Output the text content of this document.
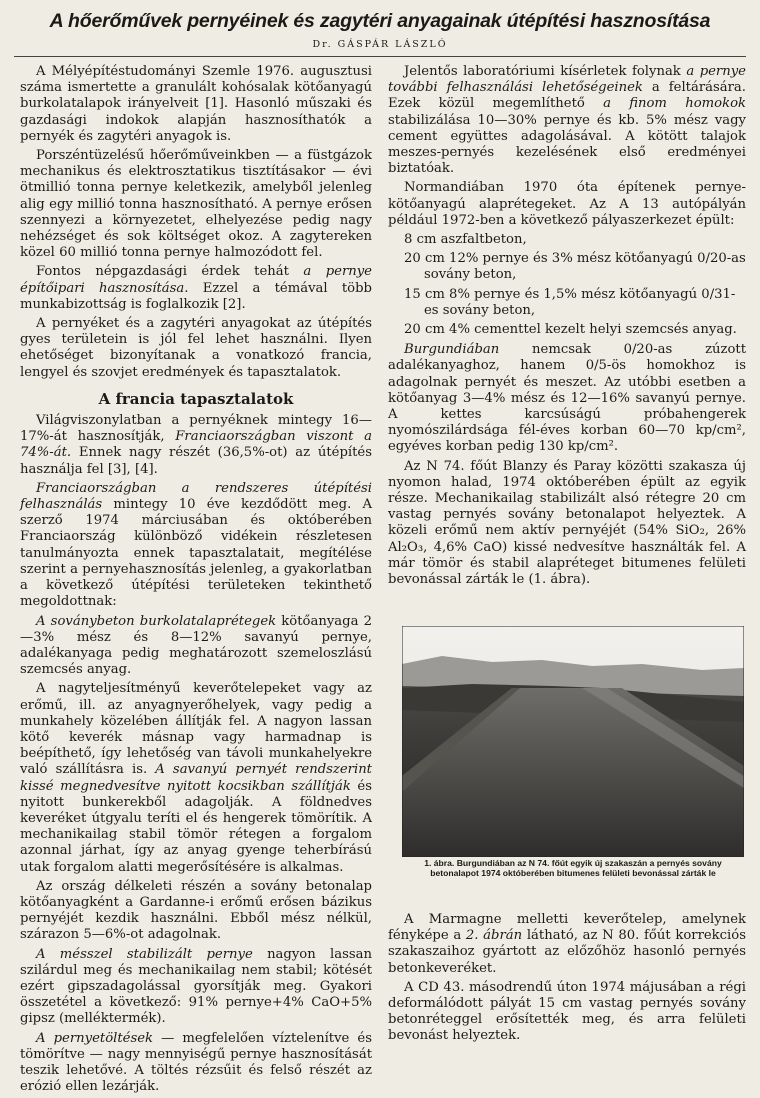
A hőerőművek pernyéinek és zagytéri anyagainak útépítési hasznosítása
Dr. GÁSPÁR LÁSZLÓ

A Mélyépítéstudományi Szemle 1976. augusztusi száma ismertette a granulált kohósalak kötőanyagú burkolatalapok irányelveit [1]. Hasonló műszaki és gazdasági indokok alapján hasznosíthatók a pernyék és zagytéri anyagok is.

Porszéntüzelésű hőerőműveinkben — a füstgázok mechanikus és elektrosztatikus tisztításakor — évi ötmillió tonna pernye keletkezik, amelyből jelenleg alig egy millió tonna hasznosítható. A pernye erősen szennyezi a környezetet, elhelyezése pedig nagy nehézséget és sok költséget okoz. A zagytereken közel 60 millió tonna pernye halmozódott fel.

Fontos népgazdasági érdek tehát a pernye építőipari hasznosítása. Ezzel a témával több munkabizottság is foglalkozik [2].

A pernyéket és a zagytéri anyagokat az útépítés gyes területein is jól fel lehet használni. Ilyen ehetőséget bizonyítanak a vonatkozó francia, lengyel és szovjet eredmények és tapasztalatok.

A francia tapasztalatok

Világviszonylatban a pernyéknek mintegy 16—17%-át hasznosítják, Franciaországban viszont a 74%-át. Ennek nagy részét (36,5%-ot) az útépítés használja fel [3], [4].

Franciaországban a rendszeres útépítési felhasználás mintegy 10 éve kezdődött meg. A szerző 1974 márciusában és októberében Franciaország különböző vidékein részletesen tanulmányozta ennek tapasztalatait, megítélése szerint a pernyehasznosítás jelenleg, a gyakorlatban a következő útépítési területeken tekinthető megoldottnak:

A soványbeton burkolatalaprétegek kötőanyaga 2—3% mész és 8—12% savanyú pernye, adalékanyaga pedig meghatározott szemeloszlású szemcsés anyag.

A nagyteljesítményű keverőtelepeket vagy az erőmű, ill. az anyagnyerőhelyek, vagy pedig a munkahely közelében állítják fel. A nagyon lassan kötő keverék másnap vagy harmadnap is beépíthető, így lehetőség van távoli munkahelyekre való szállításra is. A savanyú pernyét rendszerint kissé megnedvesítve nyitott kocsikban szállítják és nyitott bunkerekből adagolják. A földnedves keveréket útgyalu teríti el és hengerek tömörítik. A mechanikailag stabil tömör rétegen a forgalom azonnal járhat, így az anyag gyenge teherbírású utak forgalom alatti megerősítésére is alkalmas.

Az ország délkeleti részén a sovány betonalap kötőanyagként a Gardanne-i erőmű erősen bázikus pernyéjét kezdik használni. Ebből mész nélkül, szárazon 5—6%-ot adagolnak.

A mésszel stabilizált pernye nagyon lassan szilárdul meg és mechanikailag nem stabil; kötését ezért gipszadagolással gyorsítják meg. Gyakori összetétel a következő: 91% pernye+4% CaO+5% gipsz (melléktermék).

A pernyetöltések — megfelelően víztelenítve és tömörítve — nagy mennyiségű pernye hasznosítását teszik lehetővé. A töltés rézsűit és felső részét az erózió ellen lezárják.

Jelentős laboratóriumi kísérletek folynak a pernye további felhasználási lehetőségeinek a feltárására. Ezek közül megemlíthető a finom homokok stabilizálása 10—30% pernye és kb. 5% mész vagy cement együttes adagolásával. A kötött talajok meszes-pernyés kezelésének első eredményei biztatóak.

Normandiában 1970 óta építenek pernye-kötőanyagú alaprétegeket. Az A 13 autópályán például 1972-ben a következő pályaszerkezet épült:

8 cm aszfaltbeton,
20 cm 12% pernye és 3% mész kötőanyagú 0/20-as sovány beton,
15 cm 8% pernye és 1,5% mész kötőanyagú 0/31-es sovány beton,
20 cm 4% cementtel kezelt helyi szemcsés anyag.

Burgundiában nemcsak 0/20-as zúzott adalékanyaghoz, hanem 0/5-ös homokhoz is adagolnak pernyét és meszet. Az utóbbi esetben a kötőanyag 3—4% mész és 12—16% savanyú pernye. A kettes karcsúságú próbahengerek nyomószilárdsága fél-éves korban 60—70 kp/cm², egyéves korban pedig 130 kp/cm².

Az N 74. főút Blanzy és Paray közötti szakasza új nyomon halad, 1974 októberében épült az egyik része. Mechanikailag stabilizált alsó rétegre 20 cm vastag pernyés sovány betonalapot helyeztek. A közeli erőmű nem aktív pernyéjét (54% SiO₂, 26% Al₂O₃, 4,6% CaO) kissé nedvesítve használták fel. A már tömör és stabil alapréteget bitumenes felületi bevonással zárták le (1. ábra).

1. ábra. Burgundiában az N 74. főút egyik új szakaszán a pernyés sovány betonalapot 1974 októberében bitumenes felületi bevonással zárták le

A Marmagne melletti keverőtelep, amelynek fényképe a 2. ábrán látható, az N 80. főút korrekciós szakaszaihoz gyártott az előzőhöz hasonló pernyés betonkeveréket.

A CD 43. másodrendű úton 1974 májusában a régi deformálódott pályát 15 cm vastag pernyés sovány betonréteggel erősítették meg, és arra felületi bevonást helyeztek.
